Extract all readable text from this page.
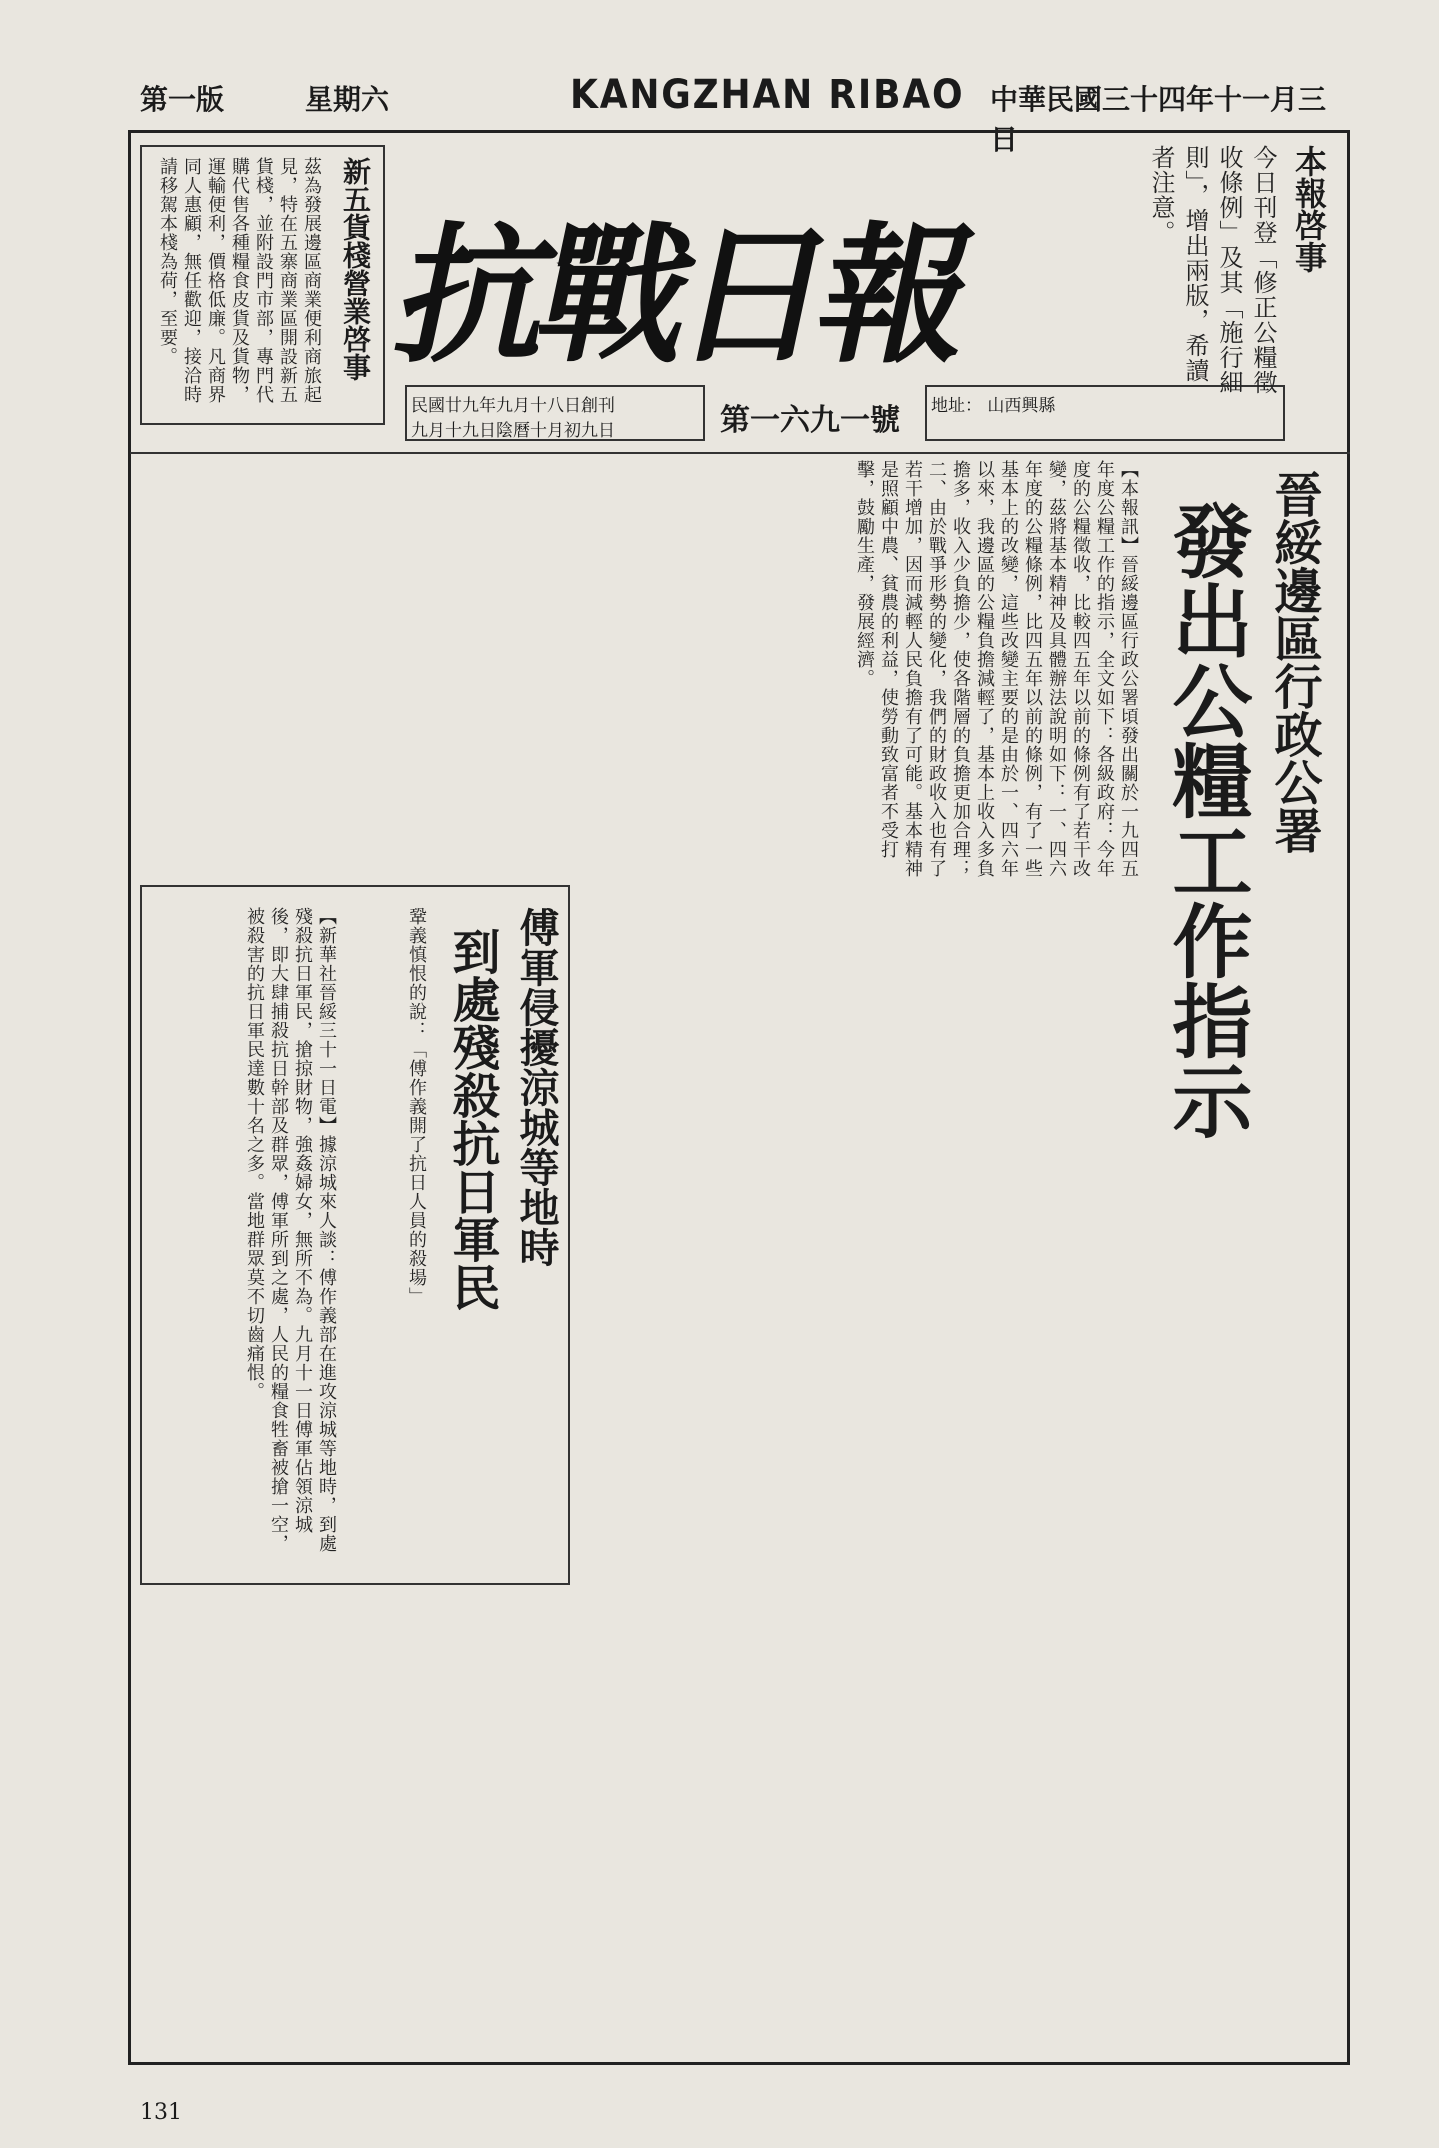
第一版	星期六	KANGZHAN RIBAO 中華民國三十四年十一月三日
抗戰日報
民國廿九年九月十八日創刊
九月十九日陰曆十月初九日	第一六九一號	地址： 山西興縣
本報啓事
今日刊登「修正公糧徵收條例」及其「施行細則」，增出兩版，希讀者注意。
新五貨棧營業啓事
茲為發展邊區商業便利商旅起見，特在五寨商業區開設新五貨棧，並附設門市部，專門代購代售各種糧食皮貨及貨物，運輸便利，價格低廉。凡商界同人惠顧，無任歡迎，接洽時請移駕本棧為荷，至要。
晉綏邊區行政公署
發出公糧工作指示
【本報訊】晉綏邊區行政公署頃發出關於一九四五年度公糧工作的指示，全文如下：各級政府：今年度的公糧徵收，比較四五年以前的條例有了若干改變，茲將基本精神及具體辦法說明如下：一、四六年度的公糧條例，比四五年以前的條例，有了一些基本上的改變，這些改變主要的是由於一、四六年以來，我邊區的公糧負擔減輕了，基本上收入多負擔多，收入少負擔少，使各階層的負擔更加合理；二、由於戰爭形勢的變化，我們的財政收入也有了若干增加，因而減輕人民負擔有了可能。基本精神是照顧中農、貧農的利益，使勞動致富者不受打擊，鼓勵生產，發展經濟。
傅軍侵擾涼城等地時
到處殘殺抗日軍民
鞏義慎恨的說：「傅作義開了抗日人員的殺場」
【新華社晉綏三十一日電】據涼城來人談：傅作義部在進攻涼城等地時，到處殘殺抗日軍民，搶掠財物，強姦婦女，無所不為。九月十一日傅軍佔領涼城後，即大肆捕殺抗日幹部及群眾，傅軍所到之處，人民的糧食牲畜被搶一空，被殺害的抗日軍民達數十名之多。當地群眾莫不切齒痛恨。
131
